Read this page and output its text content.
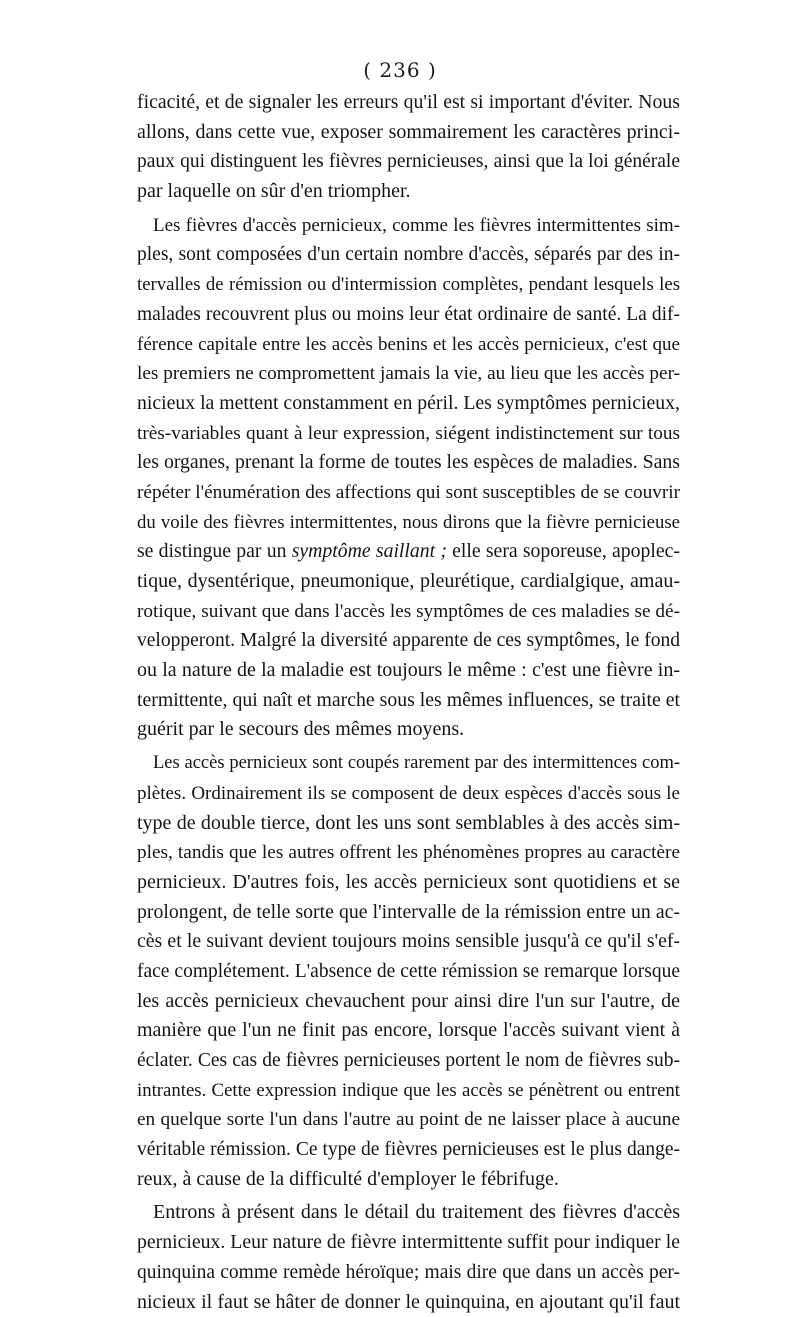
( 236 )
ficacité, et de signaler les erreurs qu'il est si important d'éviter. Nous
allons, dans cette vue, exposer sommairement les caractères princi-
paux qui distinguent les fièvres pernicieuses, ainsi que la loi générale
par laquelle on sûr d'en triompher.
Les fièvres d'accès pernicieux, comme les fièvres intermittentes sim-
ples, sont composées d'un certain nombre d'accès, séparés par des in-
tervalles de rémission ou d'intermission complètes, pendant lesquels les
malades recouvrent plus ou moins leur état ordinaire de santé. La dif-
férence capitale entre les accès benins et les accès pernicieux, c'est que
les premiers ne compromettent jamais la vie, au lieu que les accès per-
nicieux la mettent constamment en péril. Les symptômes pernicieux,
très-variables quant à leur expression, siégent indistinctement sur tous
les organes, prenant la forme de toutes les espèces de maladies. Sans
répéter l'énumération des affections qui sont susceptibles de se couvrir
du voile des fièvres intermittentes, nous dirons que la fièvre pernicieuse
se distingue par un symptôme saillant ; elle sera soporeuse, apoplec-
tique, dysentérique, pneumonique, pleurétique, cardialgique, amau-
rotique, suivant que dans l'accès les symptômes de ces maladies se dé-
velopperont. Malgré la diversité apparente de ces symptômes, le fond
ou la nature de la maladie est toujours le même : c'est une fièvre in-
termittente, qui naît et marche sous les mêmes influences, se traite et
guérit par le secours des mêmes moyens.
Les accès pernicieux sont coupés rarement par des intermittences com-
plètes. Ordinairement ils se composent de deux espèces d'accès sous le
type de double tierce, dont les uns sont semblables à des accès sim-
ples, tandis que les autres offrent les phénomènes propres au caractère
pernicieux. D'autres fois, les accès pernicieux sont quotidiens et se
prolongent, de telle sorte que l'intervalle de la rémission entre un ac-
cès et le suivant devient toujours moins sensible jusqu'à ce qu'il s'ef-
face complétement. L'absence de cette rémission se remarque lorsque
les accès pernicieux chevauchent pour ainsi dire l'un sur l'autre, de
manière que l'un ne finit pas encore, lorsque l'accès suivant vient à
éclater. Ces cas de fièvres pernicieuses portent le nom de fièvres sub-
intrantes. Cette expression indique que les accès se pénètrent ou entrent
en quelque sorte l'un dans l'autre au point de ne laisser place à aucune
véritable rémission. Ce type de fièvres pernicieuses est le plus dange-
reux, à cause de la difficulté d'employer le fébrifuge.
Entrons à présent dans le détail du traitement des fièvres d'accès
pernicieux. Leur nature de fièvre intermittente suffit pour indiquer le
quinquina comme remède héroïque; mais dire que dans un accès per-
nicieux il faut se hâter de donner le quinquina, en ajoutant qu'il faut
